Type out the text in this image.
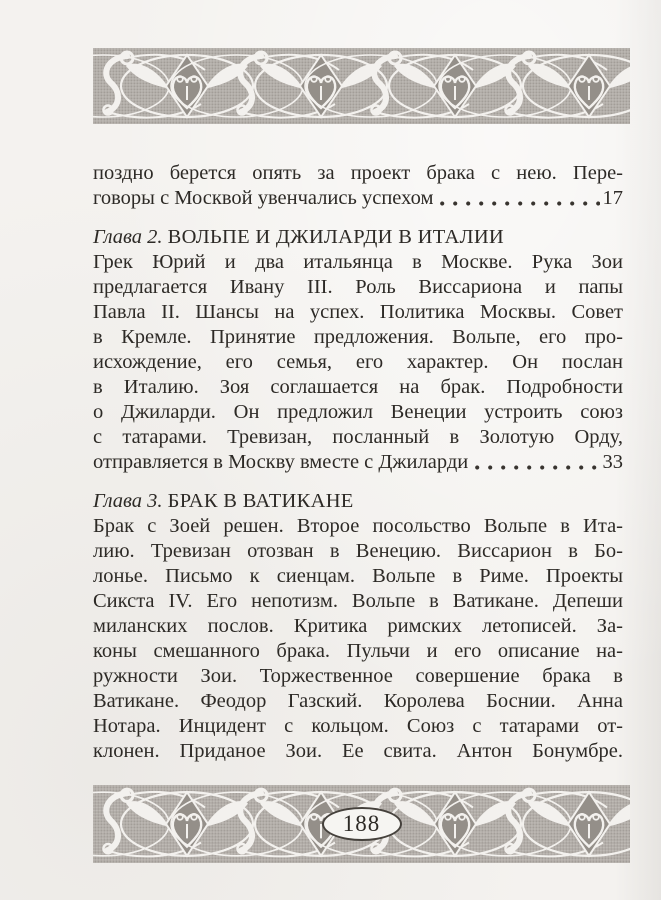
поздно берется опять за проект брака с нею. Пере-
говоры с Москвой увенчались успехом	17
Глава 2. ВОЛЬПЕ И ДЖИЛАРДИ В ИТАЛИИ
Грек Юрий и два итальянца в Москве. Рука Зои
предлагается Ивану III. Роль Виссариона и папы
Павла II. Шансы на успех. Политика Москвы. Совет
в Кремле. Принятие предложения. Вольпе, его про-
исхождение, его семья, его характер. Он послан
в Италию. Зоя соглашается на брак. Подробности
о Джиларди. Он предложил Венеции устроить союз
с татарами. Тревизан, посланный в Золотую Орду,
отправляется в Москву вместе с Джиларди	33
Глава 3. БРАК В ВАТИКАНЕ
Брак с Зоей решен. Второе посольство Вольпе в Ита-
лию. Тревизан отозван в Венецию. Виссарион в Бо-
лонье. Письмо к сиенцам. Вольпе в Риме. Проекты
Сикста IV. Его непотизм. Вольпе в Ватикане. Депеши
миланских послов. Критика римских летописей. За-
коны смешанного брака. Пульчи и его описание на-
ружности Зои. Торжественное совершение брака в
Ватикане. Феодор Газский. Королева Боснии. Анна
Нотара. Инцидент с кольцом. Союз с татарами от-
клонен. Приданое Зои. Ее свита. Антон Бонумбре.
188
